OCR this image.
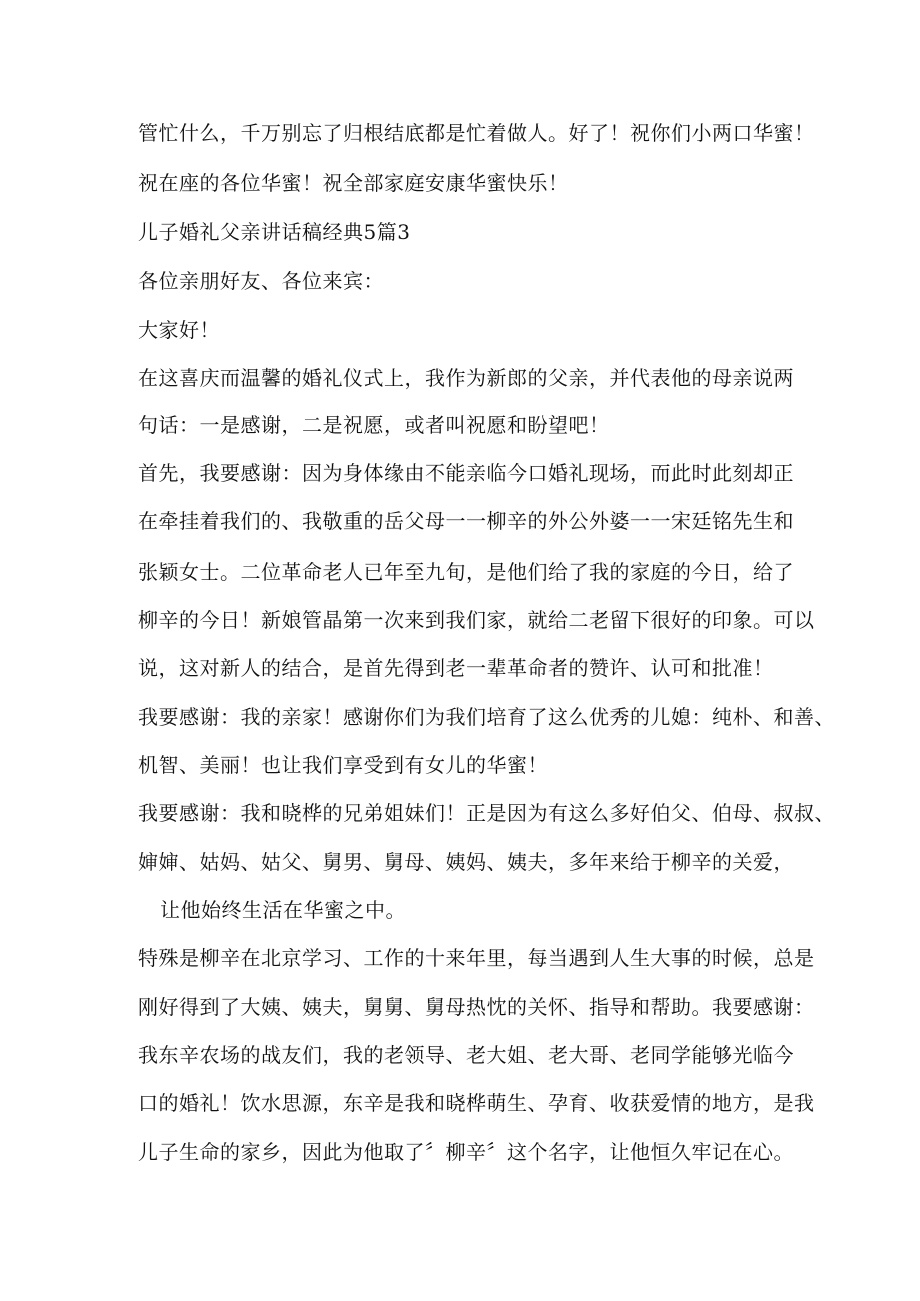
管忙什么，千万别忘了归根结底都是忙着做人。好了！祝你们小两口华蜜！
祝在座的各位华蜜！祝全部家庭安康华蜜快乐！
儿子婚礼父亲讲话稿经典5篇3
各位亲朋好友、各位来宾：
大家好！
在这喜庆而温馨的婚礼仪式上，我作为新郎的父亲，并代表他的母亲说两
句话：一是感谢，二是祝愿，或者叫祝愿和盼望吧！
首先，我要感谢：因为身体缘由不能亲临今口婚礼现场，而此时此刻却正
在牵挂着我们的、我敬重的岳父母一一柳辛的外公外婆一一宋廷铭先生和
张颖女士。二位革命老人已年至九旬，是他们给了我的家庭的今日，给了
柳辛的今日！新娘管晶第一次来到我们家，就给二老留下很好的印象。可以
说，这对新人的结合，是首先得到老一辈革命者的赞许、认可和批准！
我要感谢：我的亲家！感谢你们为我们培育了这么优秀的儿媳：纯朴、和善、
机智、美丽！也让我们享受到有女儿的华蜜！
我要感谢：我和晓桦的兄弟姐妹们！正是因为有这么多好伯父、伯母、叔叔、
婶婶、姑妈、姑父、舅男、舅母、姨妈、姨夫，多年来给于柳辛的关爱，
让他始终生活在华蜜之中。
特殊是柳辛在北京学习、工作的十来年里，每当遇到人生大事的时候，总是
刚好得到了大姨、姨夫，舅舅、舅母热忱的关怀、指导和帮助。我要感谢：
我东辛农场的战友们，我的老领导、老大姐、老大哥、老同学能够光临今
口的婚礼！饮水思源，东辛是我和晓桦萌生、孕育、收获爱情的地方，是我
儿子生命的家乡，因此为他取了〞柳辛〞这个名字，让他恒久牢记在心。
